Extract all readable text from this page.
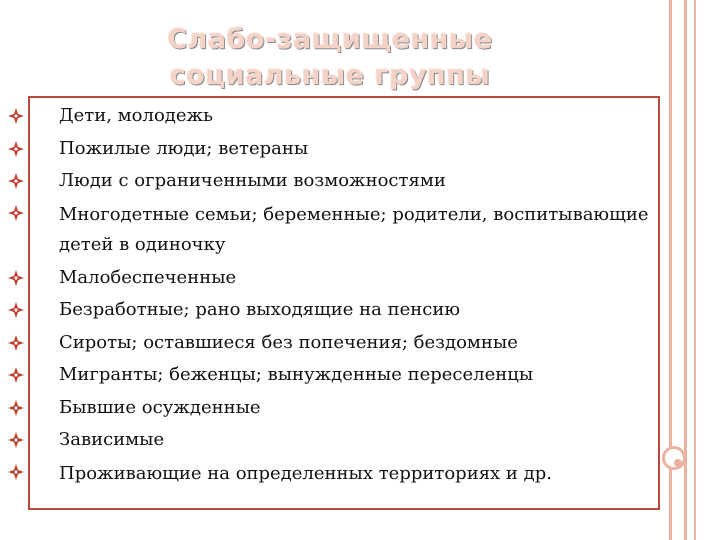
Слабо-защищенные
социальные группы
Дети, молодежь
Пожилые люди; ветераны
Люди с ограниченными возможностями
Многодетные семьи; беременные; родители, воспитывающие детей в одиночку
Малобеспеченные
Безработные; рано выходящие на пенсию
Сироты; оставшиеся без попечения; бездомные
Мигранты; беженцы; вынужденные переселенцы
Бывшие осужденные
Зависимые
Проживающие на определенных территориях и др.
